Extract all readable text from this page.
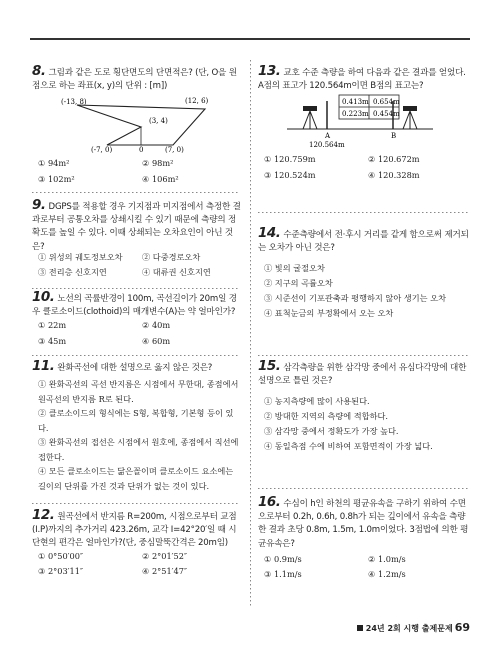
8. 그림과 같은 도로 횡단면도의 단면적은? (단, O을 원점으로 하는 좌표(x, y)의 단위 : [m])
(-13, 8)	(12, 6)
(3, 4)
(-7, 0)	0	(7, 0)
① 94m²	② 98m²
③ 102m²	④ 106m²
9. DGPS를 적용할 경우 기지점과 미지점에서 측정한 결과로부터 공통오차를 상쇄시킬 수 있기 때문에 측량의 정확도를 높일 수 있다. 이때 상쇄되는 오차요인이 아닌 것은?
① 위성의 궤도정보오차 ② 다중경로오차
③ 전리층 신호지연	④ 대류권 신호지연
10. 노선의 곡률반경이 100m, 곡선길이가 20m일 경우 클로소이드(clothoid)의 매개변수(A)는 약 얼마인가?
① 22m	② 40m
③ 45m	④ 60m
11. 완화곡선에 대한 설명으로 옳지 않은 것은?
① 완화곡선의 곡선 반지름은 시점에서 무한대, 종점에서 원곡선의 반지름 R로 된다.
② 클로소이드의 형식에는 S형, 복합형, 기본형 등이 있다.
③ 완화곡선의 접선은 시점에서 원호에, 종점에서 직선에 접한다.
④ 모든 클로소이드는 닮은꼴이며 클로소이드 요소에는 길이의 단위를 가진 것과 단위가 없는 것이 있다.
12. 원곡선에서 반지름 R=200m, 시점으로부터 교점(I.P)까지의 추가거리 423.26m, 교각 I=42°20′일 때 시단현의 편각은 얼마인가?(단, 중심말뚝간격은 20m임)
① 0°50′00″	② 2°01′52″
③ 2°03′11″	④ 2°51′47″
13. 교호 수준 측량을 하여 다음과 같은 결과를 얻었다. A점의 표고가 120.564m이면 B점의 표고는?
0.413m 0.654m
0.223m 0.454m
A	B
120.564m
① 120.759m	② 120.672m
③ 120.524m	④ 120.328m
14. 수준측량에서 전·후시 거리를 같게 함으로써 제거되는 오차가 아닌 것은?
① 빛의 굴절오차
② 지구의 곡률오차
③ 시준선이 기포관축과 평행하지 않아 생기는 오차
④ 표척눈금의 부정확에서 오는 오차
15. 삼각측량을 위한 삼각망 중에서 유심다각망에 대한 설명으로 틀린 것은?
① 농지측량에 많이 사용된다.
② 방대한 지역의 측량에 적합하다.
③ 삼각망 중에서 정확도가 가장 높다.
④ 동일측점 수에 비하여 포함면적이 가장 넓다.
16. 수심이 h인 하천의 평균유속을 구하기 위하여 수면으로부터 0.2h, 0.6h, 0.8h가 되는 깊이에서 유속을 측량한 결과 초당 0.8m, 1.5m, 1.0m이었다. 3점법에 의한 평균유속은?
① 0.9m/s	② 1.0m/s
③ 1.1m/s	④ 1.2m/s
24년 2회 시행 출제문제 69
